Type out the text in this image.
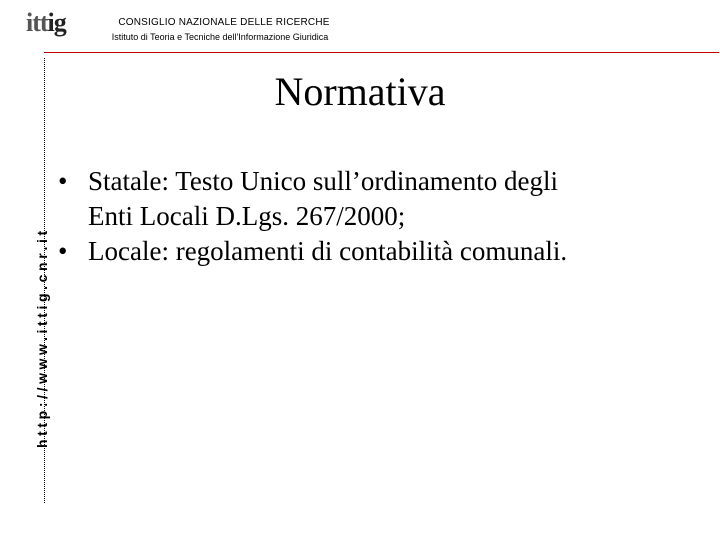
ittig	CONSIGLIO NAZIONALE DELLE RICERCHE
Istituto di Teoria e Tecniche dell'Informazione Giuridica
http://www.ittig.cnr.it
Normativa
• Statale: Testo Unico sull’ordinamento degli
Enti Locali D.Lgs. 267/2000;
• Locale: regolamenti di contabilità comunali.
